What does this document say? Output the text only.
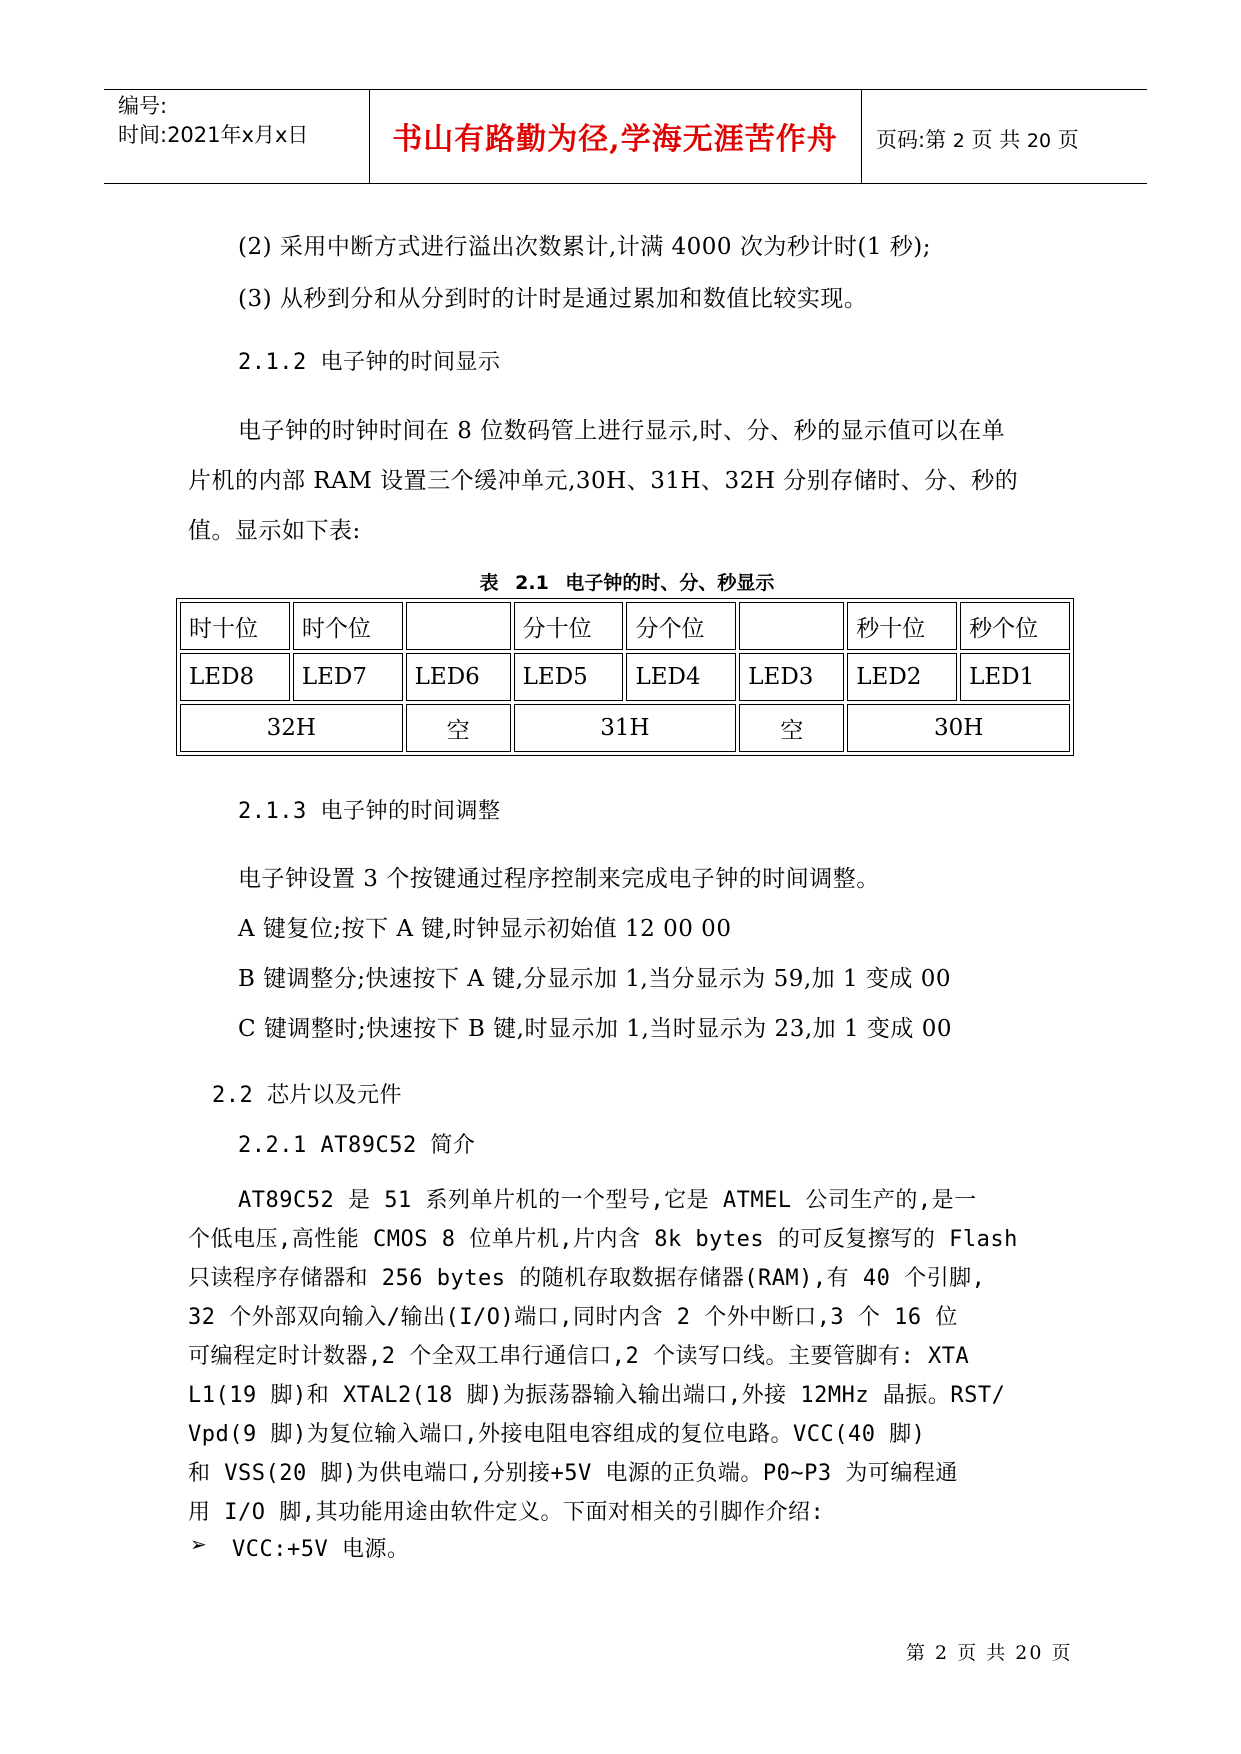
编号:
时间:2021年x月x日	书山有路勤为径,学海无涯苦作舟	页码:第 2 页 共 20 页
(2) 采用中断方式进行溢出次数累计,计满 4000 次为秒计时(1 秒);
(3) 从秒到分和从分到时的计时是通过累加和数值比较实现。
2.1.2 电子钟的时间显示
电子钟的时钟时间在 8 位数码管上进行显示,时、分、秒的显示值可以在单
片机的内部 RAM 设置三个缓冲单元,30H、31H、32H 分别存储时、分、秒的
值。显示如下表:
表 2.1 电子钟的时、分、秒显示
时十位	时个位		分十位	分个位		秒十位	秒个位
LED8	LED7	LED6	LED5	LED4	LED3	LED2	LED1
32H		空	31H		空	30H	
2.1.3 电子钟的时间调整
电子钟设置 3 个按键通过程序控制来完成电子钟的时间调整。
A 键复位;按下 A 键,时钟显示初始值 12 00 00
B 键调整分;快速按下 A 键,分显示加 1,当分显示为 59,加 1 变成 00
C 键调整时;快速按下 B 键,时显示加 1,当时显示为 23,加 1 变成 00
2.2 芯片以及元件
2.2.1 AT89C52 简介
AT89C52 是 51 系列单片机的一个型号,它是 ATMEL 公司生产的,是一
个低电压,高性能 CMOS 8 位单片机,片内含 8k bytes 的可反复擦写的 Flash
只读程序存储器和 256 bytes 的随机存取数据存储器(RAM),有 40 个引脚,
32 个外部双向输入/输出(I/O)端口,同时内含 2 个外中断口,3 个 16 位
可编程定时计数器,2 个全双工串行通信口,2 个读写口线。主要管脚有: XTA
L1(19 脚)和 XTAL2(18 脚)为振荡器输入输出端口,外接 12MHz 晶振。RST/
Vpd(9 脚)为复位输入端口,外接电阻电容组成的复位电路。VCC(40 脚)
和 VSS(20 脚)为供电端口,分别接+5V 电源的正负端。P0~P3 为可编程通
用 I/O 脚,其功能用途由软件定义。下面对相关的引脚作介绍:
➢ VCC:+5V 电源。
第 2 页 共 20 页
